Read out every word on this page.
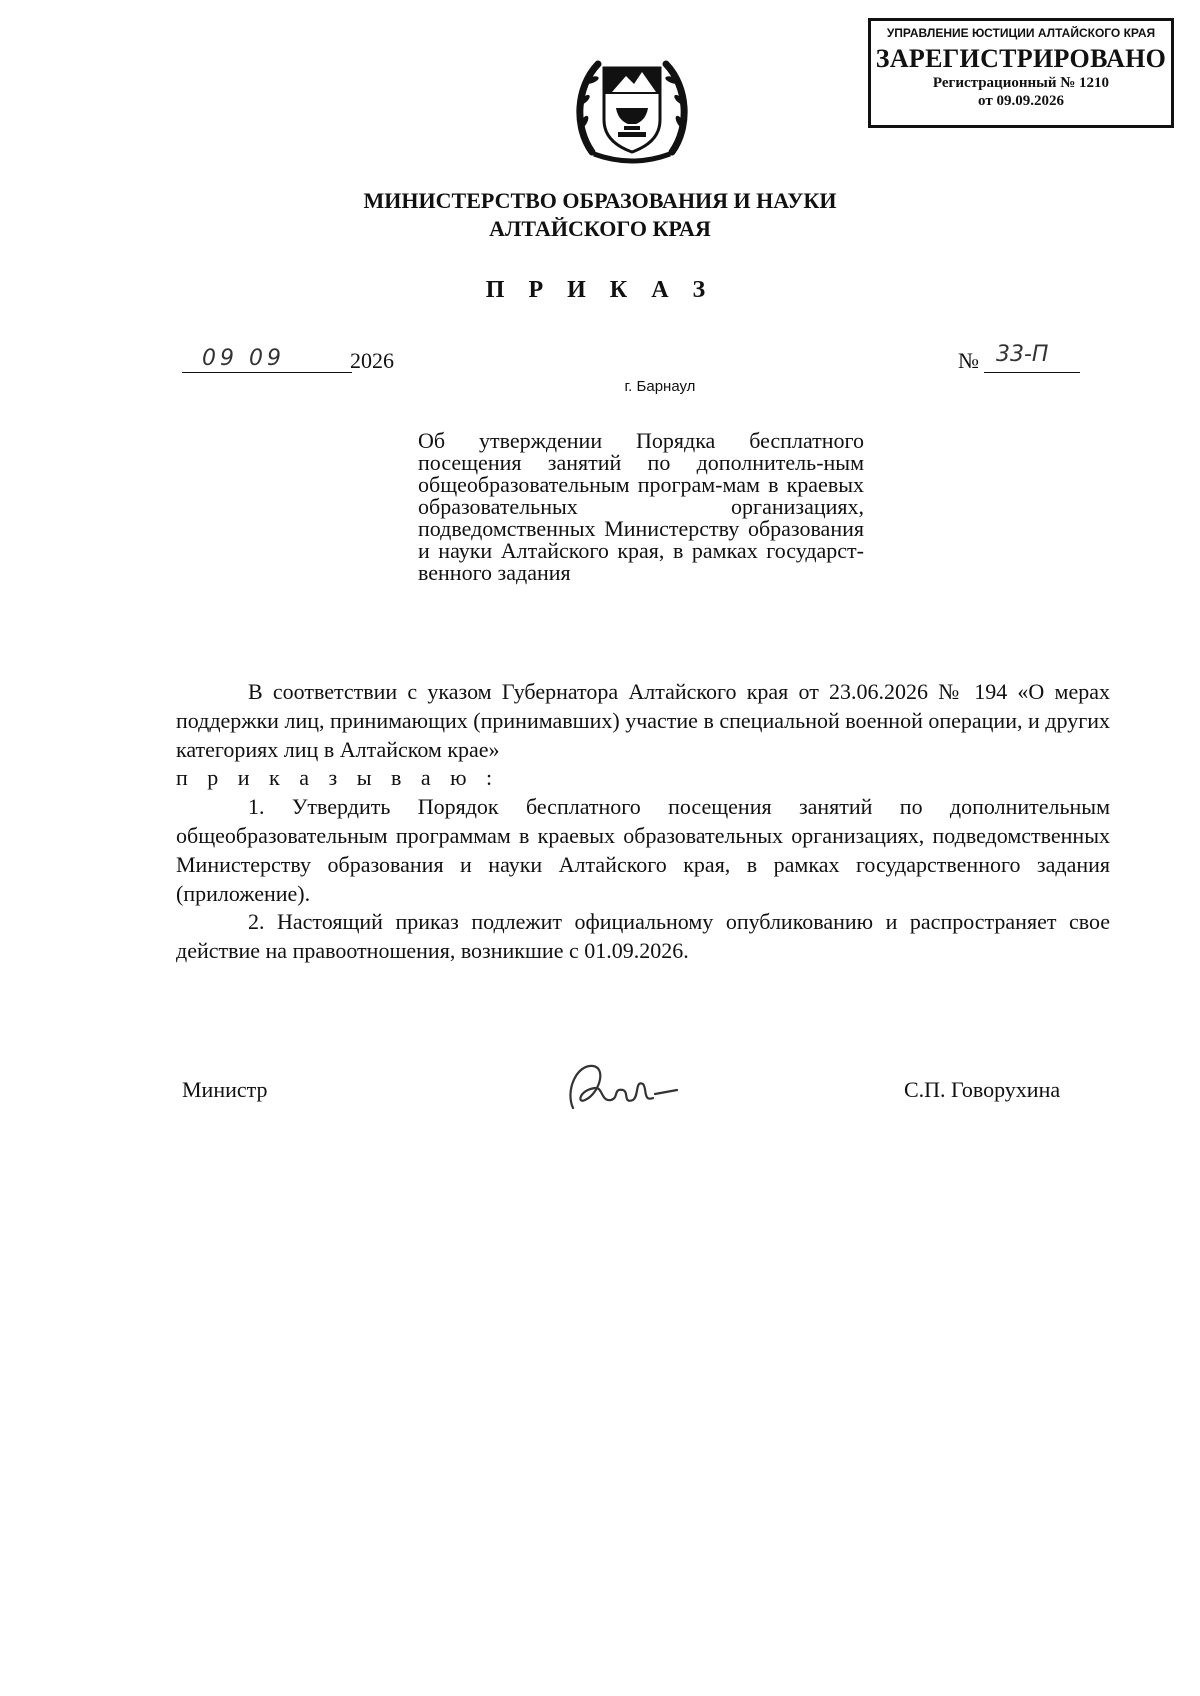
УПРАВЛЕНИЕ ЮСТИЦИИ АЛТАЙСКОГО КРАЯ
ЗАРЕГИСТРИРОВАНО
Регистрационный № 1210
от 09.09.2026
МИНИСТЕРСТВО ОБРАЗОВАНИЯ И НАУКИ
АЛТАЙСКОГО КРАЯ
П Р И К А З
09 09	2026	№ 33-П
г. Барнаул
Об утверждении Порядка бесплатного посещения занятий по дополнитель-ным общеобразовательным програм-мам в краевых образовательных организациях, подведомственных Министерству образования и науки Алтайского края, в рамках государст-венного задания

В соответствии с указом Губернатора Алтайского края от 23.06.2026 № 194 «О мерах поддержки лиц, принимающих (принимавших) участие в специальной военной операции, и других категориях лиц в Алтайском крае»

п р и к а з ы в а ю :

1. Утвердить Порядок бесплатного посещения занятий по дополнительным общеобразовательным программам в краевых образовательных организациях, подведомственных Министерству образования и науки Алтайского края, в рамках государственного задания (приложение).

2. Настоящий приказ подлежит официальному опубликованию и распространяет свое действие на правоотношения, возникшие с 01.09.2026.

Министр	С.П. Говорухина
